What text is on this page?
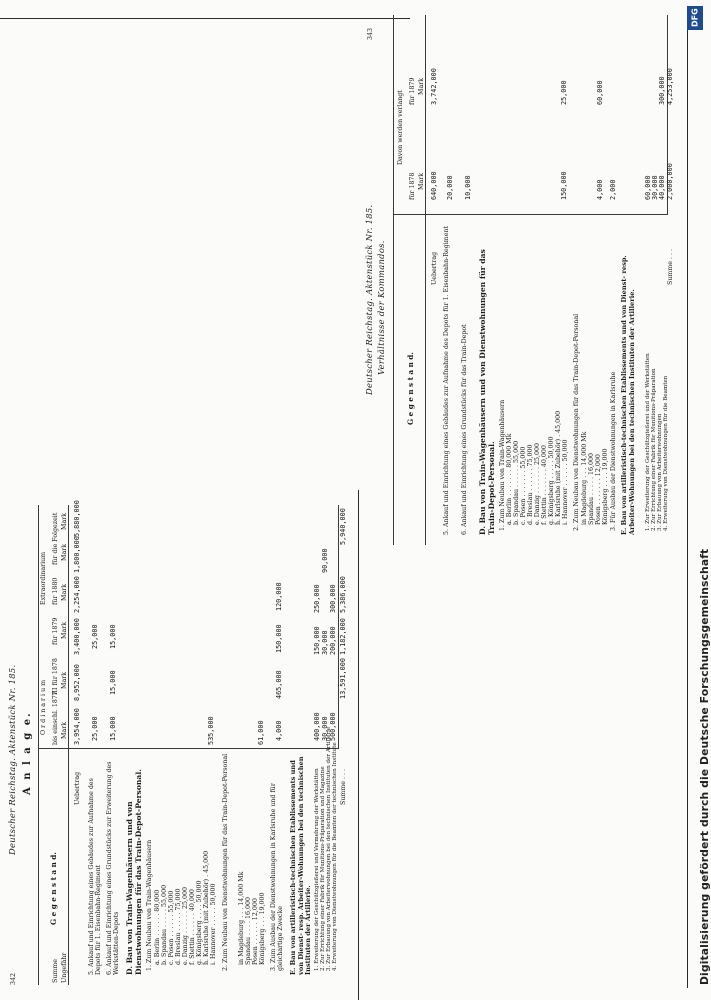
342
Deutscher Reichstag. Aktenstück Nr. 185. A n l a g e.
G e g e n s t a n d.
O r d i n a r i u m
Extraordinarium
bis einschl. 1877
III für 1878
für 1879
für 1880
für die Folgezeit
Mark
Mark
Mark
Mark
Mark
Mark
Ungefähr
Summe
Uebertrag
3,954,000
8,952,000
3,400,000
2,254,000
1,800,000
5,880,000
5. Ankauf und Einrichtung eines Gebäudes zur Aufnahme des Depots für 1. Eisenbahn-Regiment
25,000
25,000
6. Ankauf und Einrichtung eines Grundstücks zur Erweiterung des Werkstätten-Depots
15,000
15,000
15,000
D. Bau von Train-Wagenhäusern und von Dienstwohnungen für das Train-Depot-Personal. 1. Zum Neubau von Train-Wagenhäusern a. Berlin . . . . . . 80,000 b. Spandau . . . . . 55,000 c. Posen . . . . . . 55,000 d. Breslau . . . . . 75,000 e. Danzig . . . . . . 25,000 f. Stettin . . . . . . 40,000 g. Königsberg . . . . 50,000 h. Karlsruhe (mit Zubehör) . 45,000 i. Hannover . . . . . 50,000
535,000
2. Zum Neubau von Dienstwohnungen für das Train-Depot-Personal in Magdeburg . . . 14,000 Mk Spandau . . . . 16,000 Posen . . . . . . 12,000 Königsberg . . . 19,000
61,000
3. Zum Ausbau der Dienstwohnungen in Karlsruhe und für gleichartige Zwecke
4,000
465,000
150,000
120,000
E. Bau von artilleristisch-technischen Etablissements und von Dienst- resp. Arbeiter-Wohnungen bei den technischen Instituten der Artillerie. 1. Erweiterung der Geschützgießerei und Vermehrung der Werkstätten 2. Zur Errichtung einer Fabrik für Munitions-Präparation und Magazine 3. Zur Erbauung von Arbeiterwohnungen bei den technischen Instituten der Artillerie 4. Erweiterung von Dienstwohnungen für die Beamten der technischen Institute
400,000
150,000
250,000
30,000
30,000
90,000
500,000
200,000
300,000
Summe . . .
13,591,000
1,182,000
5,386,000
5,940,000
343
Deutscher Reichstag. Aktenstück Nr. 185. Verhältnisse der Kommandos.
G e g e n s t a n d.
Davon werden verlangt
für 1878
für 1879
Mark
Mark
Uebertrag
640,000
3,742,000
5. Ankauf und Einrichtung eines Gebäudes zur Aufnahme des Depots für 1. Eisenbahn-Regiment
20,000
6. Ankauf und Einrichtung eines Grundstücks für das Train-Depot
10,000
D. Bau von Train-Wagenhäusern und von Dienstwohnungen für das Train-Depot-Personal. 1. Zum Neubau von Train-Wagenhäusern a. Berlin . . . . . . . 80,000 Mk b. Spandau . . . . . . 55,000 c. Posen . . . . . . . 55,000 d. Breslau . . . . . . 75,000 e. Danzig . . . . . . . 25,000 f. Stettin . . . . . . . 40,000 g. Königsberg . . . . . 50,000 h. Karlsruhe (mit Zubehör) . 45,000 i. Hannover . . . . . . 50,000 2. Zum Neubau von Dienstwohnungen für das Train-Depot-Personal in Magdeburg . . . 14,000 Mk Spandau . . . . . 16,000 Posen . . . . . . . 12,000 Königsberg . . . . 19,000 3. Für Ausbau der Dienstwohnungen in Karlsruhe
150,000
25,000
4,000
60,000
2,000
E. Bau von artilleristisch-technischen Etablissements und von Dienst- resp. Arbeiter-Wohnungen bei den technischen Instituten der Artillerie. 1. Zur Erweiterung der Geschützgießerei und der Werkstätten 2. Zur Errichtung einer Fabrik für Munitions-Präparation 3. Zur Erbauung von Arbeiterwohnungen 4. Erweiterung von Dienstwohnungen für die Beamten
60,000 30,000 40,000
300,000
Summe . . .
2,000,000
4,253,000
DFG
Digitalisierung gefördert durch die Deutsche Forschungsgemeinschaft
